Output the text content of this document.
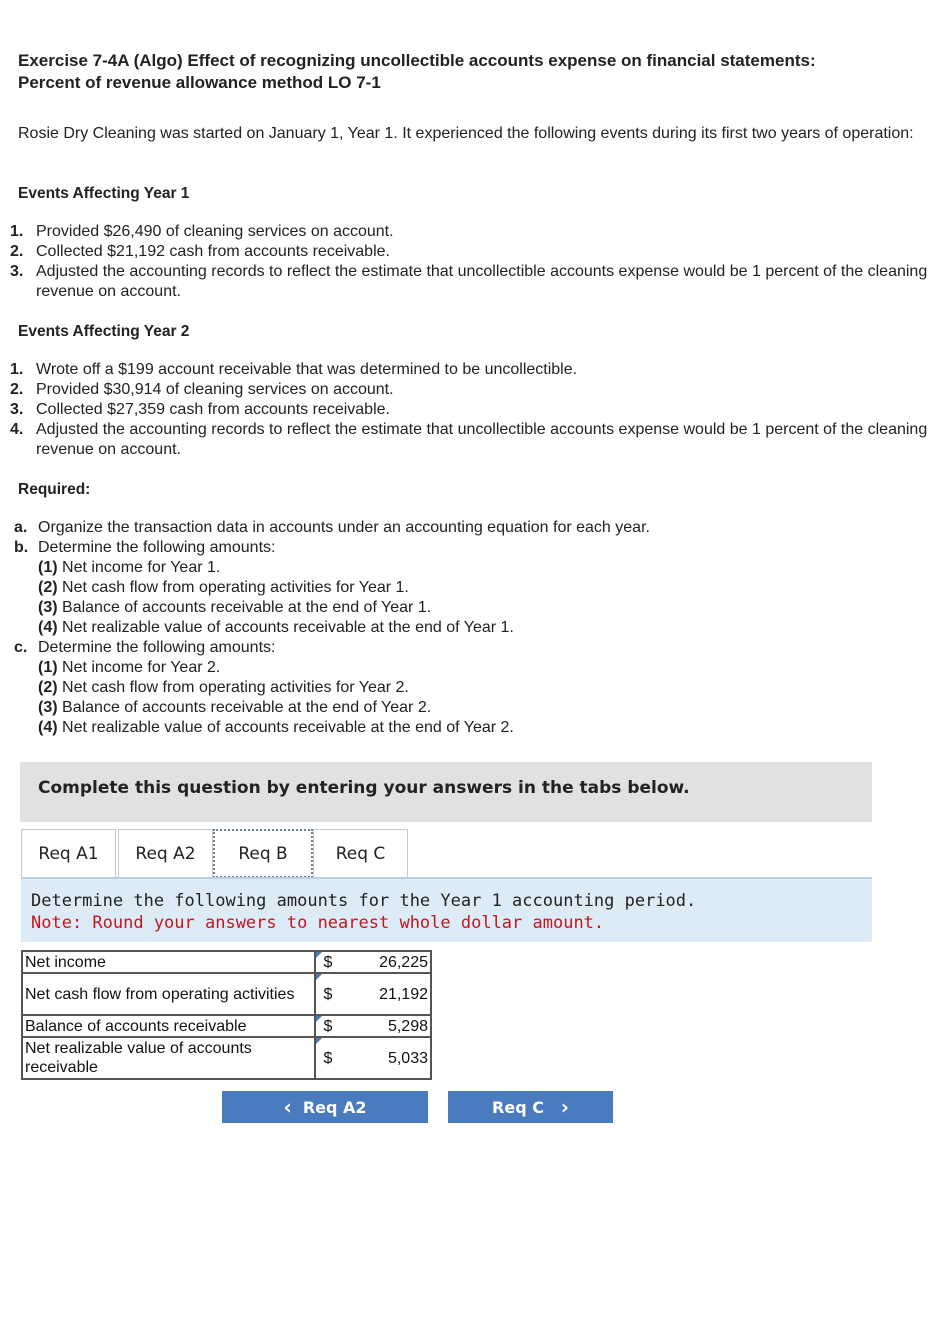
Exercise 7-4A (Algo) Effect of recognizing uncollectible accounts expense on financial statements:
Percent of revenue allowance method LO 7-1
Rosie Dry Cleaning was started on January 1, Year 1. It experienced the following events during its first two years of operation:
Events Affecting Year 1
1. Provided $26,490 of cleaning services on account.
2. Collected $21,192 cash from accounts receivable.
3. Adjusted the accounting records to reflect the estimate that uncollectible accounts expense would be 1 percent of the cleaning revenue on account.
Events Affecting Year 2
1. Wrote off a $199 account receivable that was determined to be uncollectible.
2. Provided $30,914 of cleaning services on account.
3. Collected $27,359 cash from accounts receivable.
4. Adjusted the accounting records to reflect the estimate that uncollectible accounts expense would be 1 percent of the cleaning revenue on account.
Required:
a. Organize the transaction data in accounts under an accounting equation for each year.
b. Determine the following amounts:
(1) Net income for Year 1.
(2) Net cash flow from operating activities for Year 1.
(3) Balance of accounts receivable at the end of Year 1.
(4) Net realizable value of accounts receivable at the end of Year 1.
c. Determine the following amounts:
(1) Net income for Year 2.
(2) Net cash flow from operating activities for Year 2.
(3) Balance of accounts receivable at the end of Year 2.
(4) Net realizable value of accounts receivable at the end of Year 2.
Complete this question by entering your answers in the tabs below.
Req A1	Req A2	Req B	Req C
Determine the following amounts for the Year 1 accounting period.
Note: Round your answers to nearest whole dollar amount.
Net income	$	26,225
Net cash flow from operating activities	$	21,192
Balance of accounts receivable	$	5,298
Net realizable value of accounts receivable	$	5,033
‹
Req A2	Req C
›
